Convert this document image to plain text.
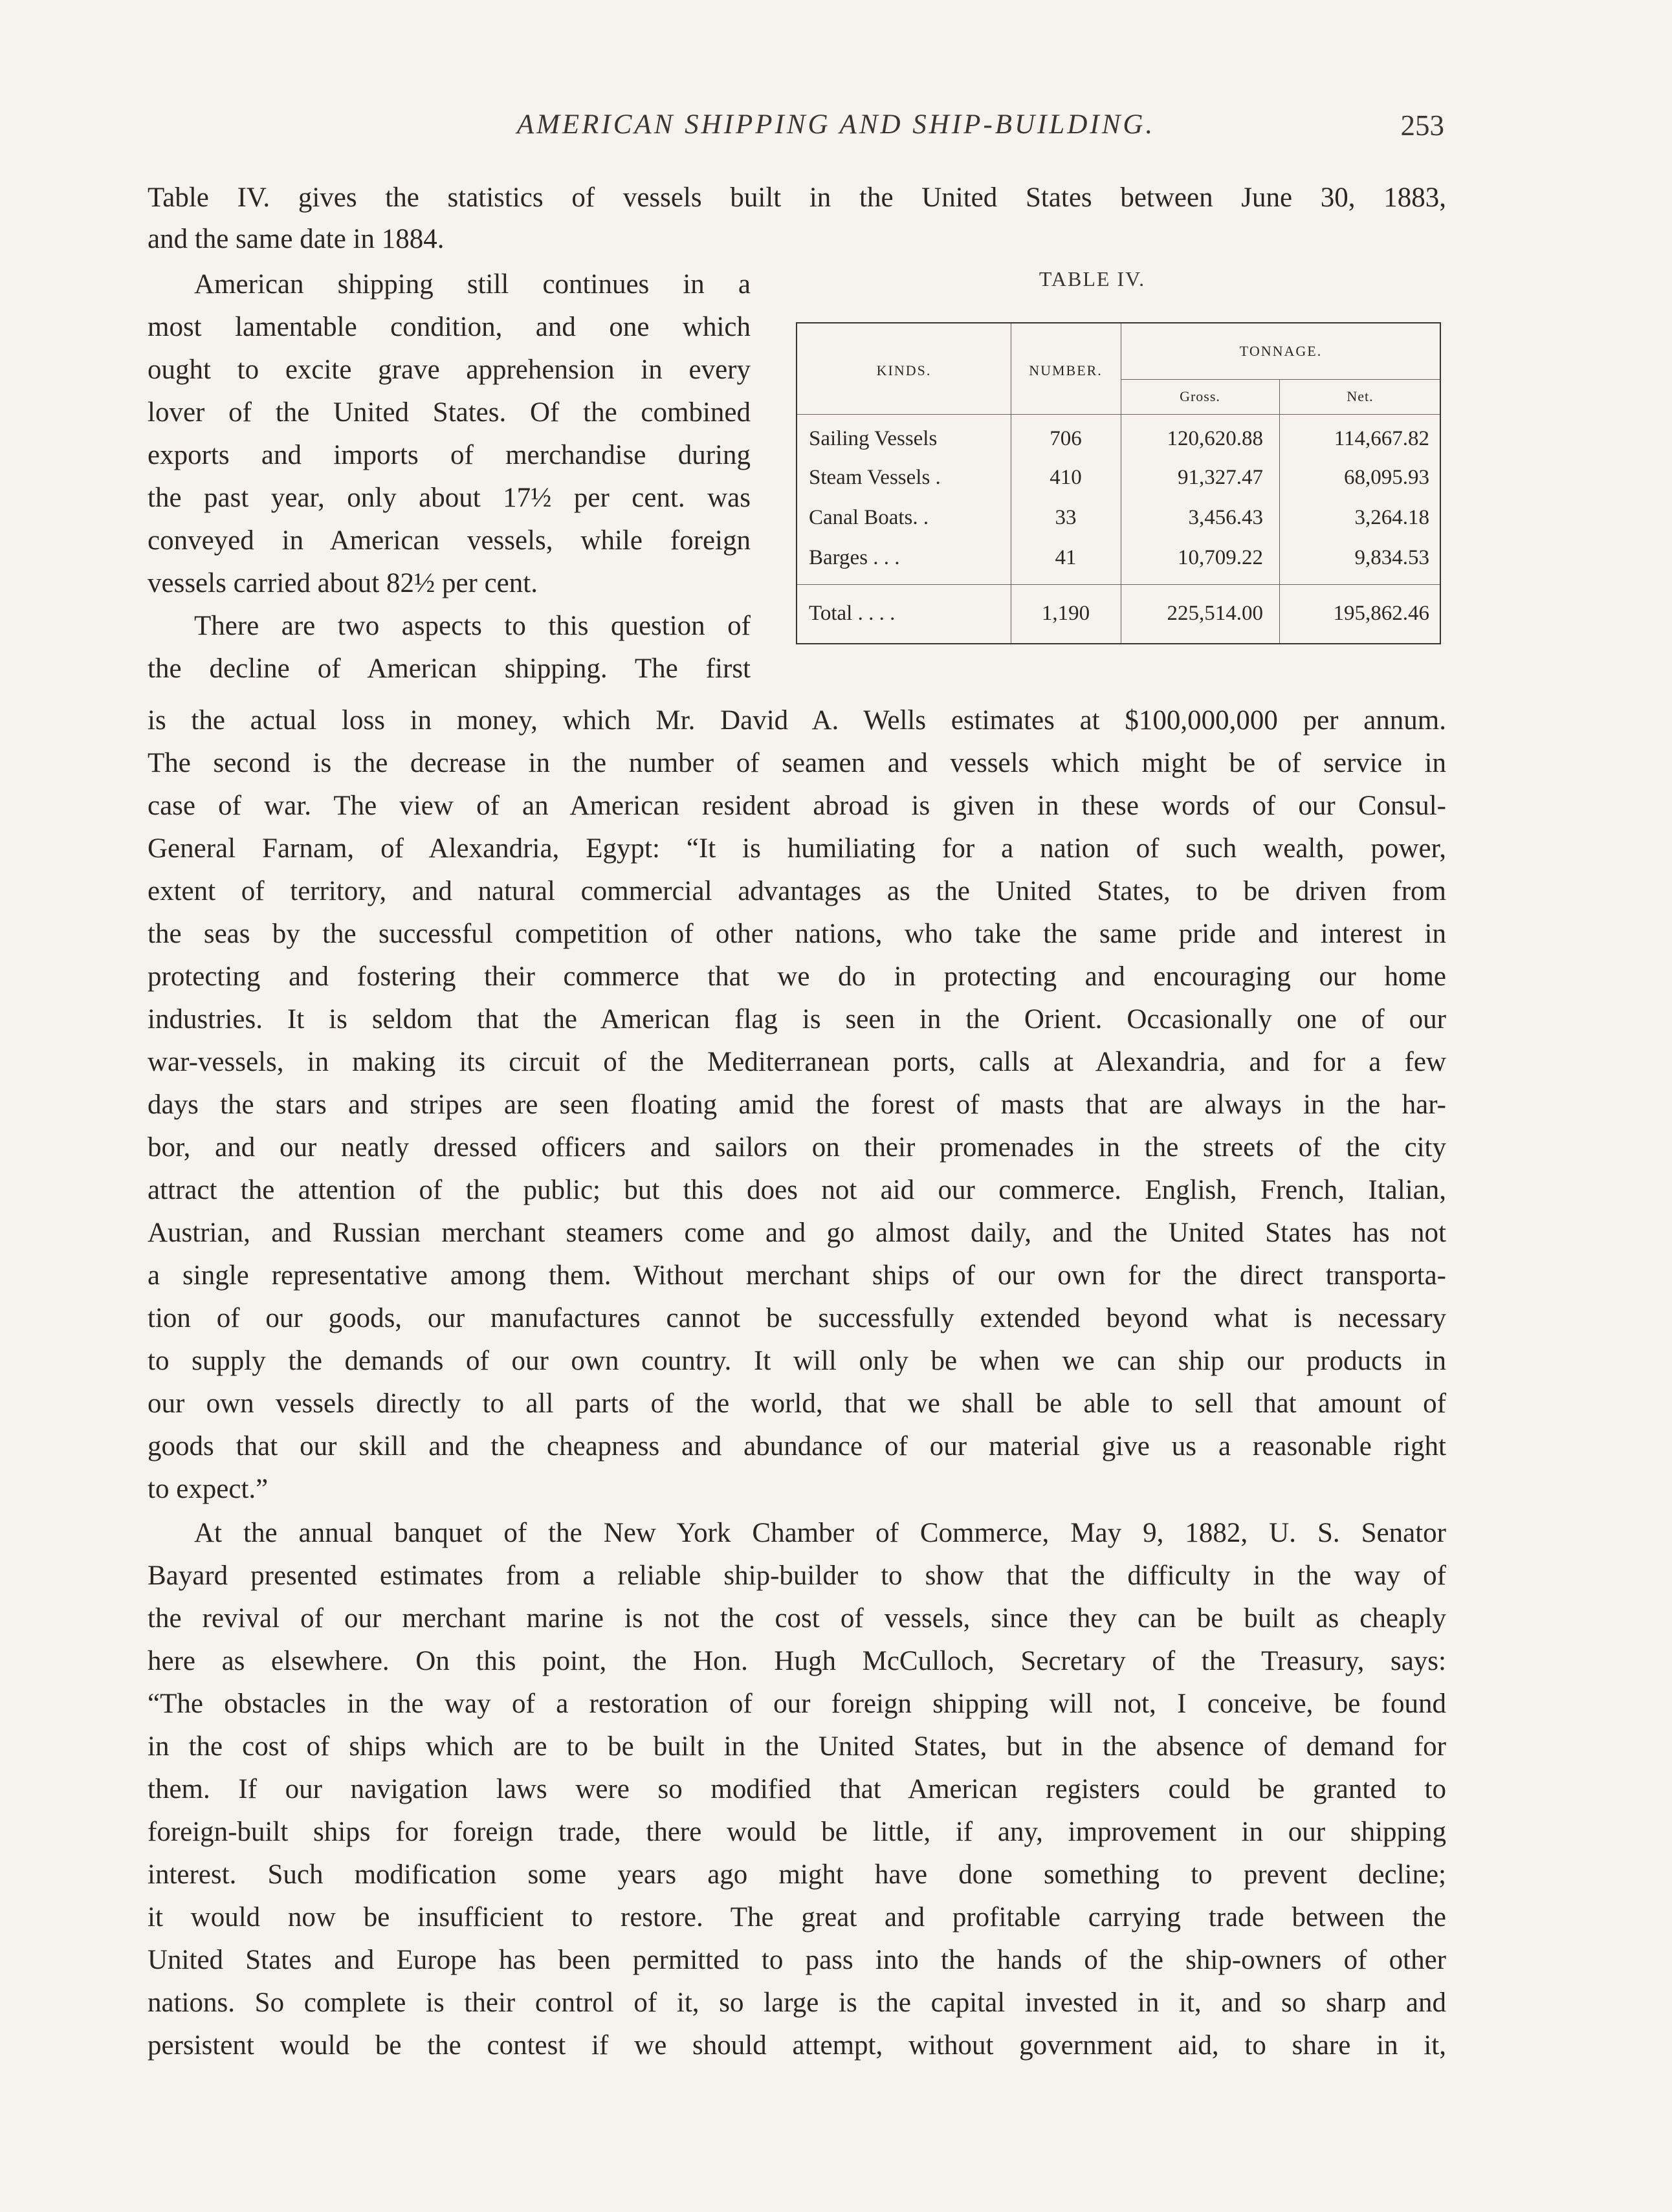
AMERICAN SHIPPING AND SHIP-BUILDING.	253
Table IV. gives the statistics of vessels built in the United States between June 30, 1883,
and the same date in 1884.
American shipping still continues in a
most lamentable condition, and one which
ought to excite grave apprehension in every
lover of the United States. Of the combined
exports and imports of merchandise during
the past year, only about 17½ per cent. was
conveyed in American vessels, while foreign
vessels carried about 82½ per cent.
There are two aspects to this question of
the decline of American shipping. The first
is the actual loss in money, which Mr. David A. Wells estimates at $100,000,000 per annum.
The second is the decrease in the number of seamen and vessels which might be of service in
case of war. The view of an American resident abroad is given in these words of our Consul-
General Farnam, of Alexandria, Egypt: “It is humiliating for a nation of such wealth, power,
extent of territory, and natural commercial advantages as the United States, to be driven from
the seas by the successful competition of other nations, who take the same pride and interest in
protecting and fostering their commerce that we do in protecting and encouraging our home
industries. It is seldom that the American flag is seen in the Orient. Occasionally one of our
war-vessels, in making its circuit of the Mediterranean ports, calls at Alexandria, and for a few
days the stars and stripes are seen floating amid the forest of masts that are always in the har-
bor, and our neatly dressed officers and sailors on their promenades in the streets of the city
attract the attention of the public; but this does not aid our commerce. English, French, Italian,
Austrian, and Russian merchant steamers come and go almost daily, and the United States has not
a single representative among them. Without merchant ships of our own for the direct transporta-
tion of our goods, our manufactures cannot be successfully extended beyond what is necessary
to supply the demands of our own country. It will only be when we can ship our products in
our own vessels directly to all parts of the world, that we shall be able to sell that amount of
goods that our skill and the cheapness and abundance of our material give us a reasonable right
to expect.”
At the annual banquet of the New York Chamber of Commerce, May 9, 1882, U. S. Senator
Bayard presented estimates from a reliable ship-builder to show that the difficulty in the way of
the revival of our merchant marine is not the cost of vessels, since they can be built as cheaply
here as elsewhere. On this point, the Hon. Hugh McCulloch, Secretary of the Treasury, says:
“The obstacles in the way of a restoration of our foreign shipping will not, I conceive, be found
in the cost of ships which are to be built in the United States, but in the absence of demand for
them. If our navigation laws were so modified that American registers could be granted to
foreign-built ships for foreign trade, there would be little, if any, improvement in our shipping
interest. Such modification some years ago might have done something to prevent decline;
it would now be insufficient to restore. The great and profitable carrying trade between the
United States and Europe has been permitted to pass into the hands of the ship-owners of other
nations. So complete is their control of it, so large is the capital invested in it, and so sharp and
persistent would be the contest if we should attempt, without government aid, to share in it,
TABLE IV.
KINDS.	NUMBER.
TONNAGE.
Gross.	Net.
Sailing Vessels	706	120,620.88	114,667.82
Steam Vessels .	410	91,327.47	68,095.93
Canal Boats. .	33	3,456.43	3,264.18
Barges . . .	41	10,709.22	9,834.53
Total . . . .	1,190	225,514.00	195,862.46
